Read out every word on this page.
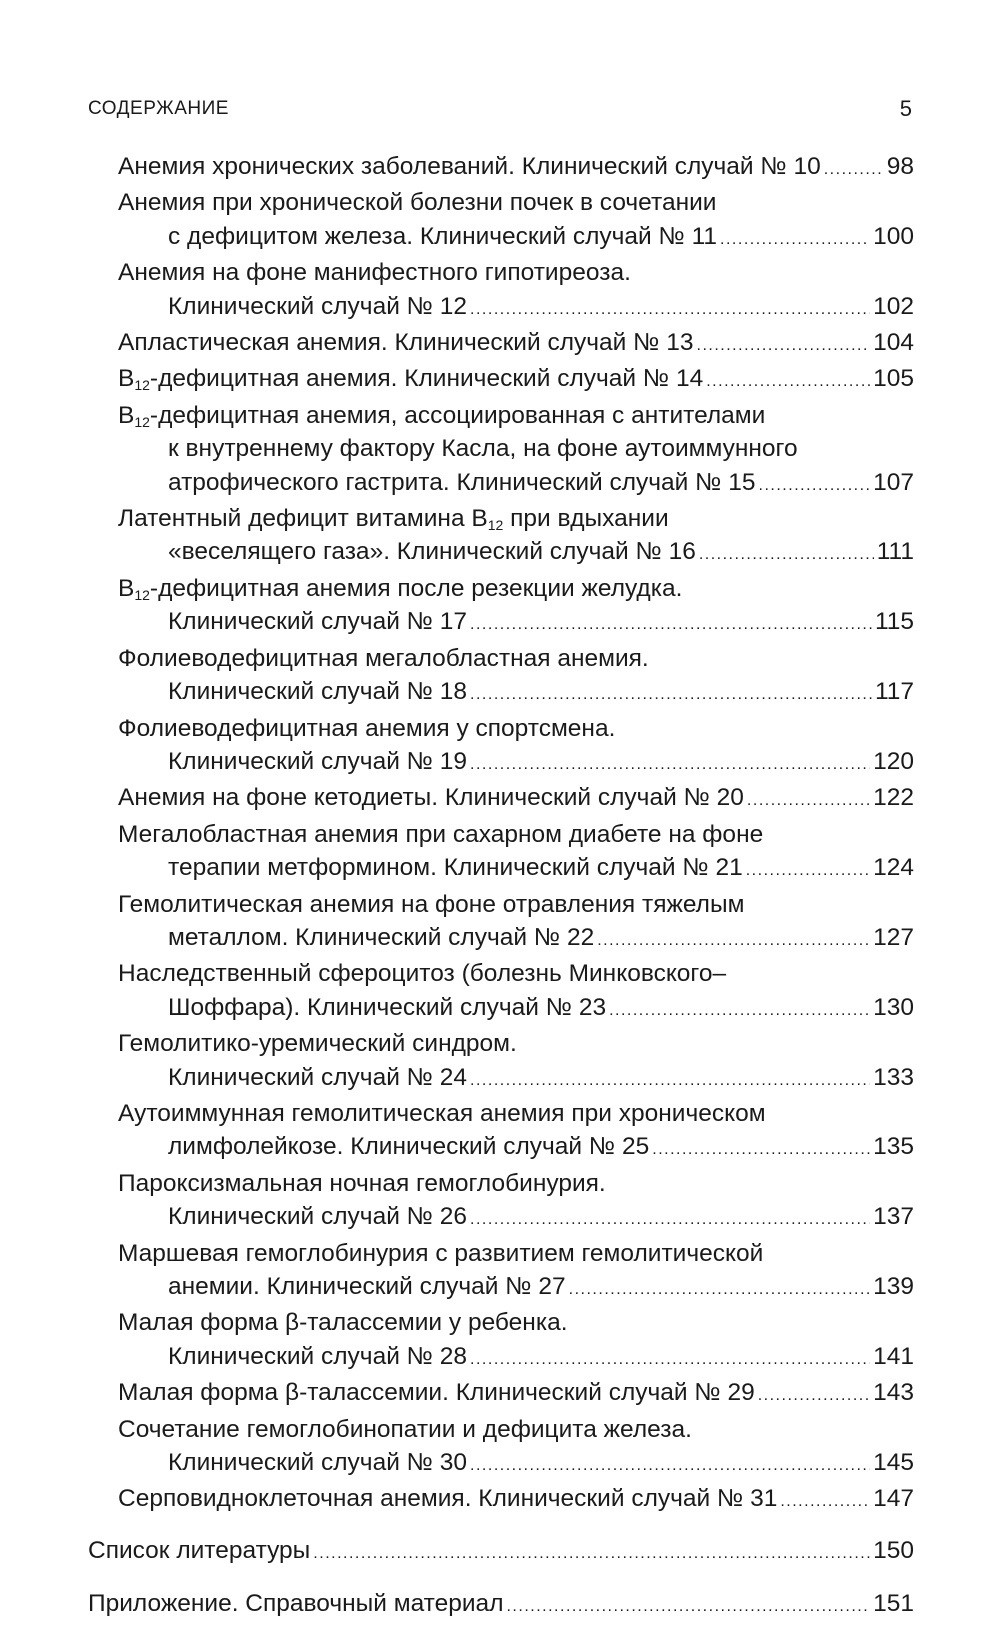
СОДЕРЖАНИЕ	5
Анемия хронических заболеваний. Клинический случай № 10 .....	98
Анемия при хронической болезни почек в сочетании
с дефицитом железа. Клинический случай № 11 .....	100
Анемия на фоне манифестного гипотиреоза.
Клинический случай № 12 .....	102
Апластическая анемия. Клинический случай № 13 .....	104
$B_{12}$-дефицитная анемия. Клинический случай № 14 .....	105
$B_{12}$-дефицитная анемия, ассоциированная с антителами
к внутреннему фактору Касла, на фоне аутоиммунного
атрофического гастрита. Клинический случай № 15 .....	107
Латентный дефицит витамина $B_{12}$ при вдыхании
«веселящего газа». Клинический случай № 16 .....	111
$B_{12}$-дефицитная анемия после резекции желудка.
Клинический случай № 17 .....	115
Фолиеводефицитная мегалобластная анемия.
Клинический случай № 18 .....	117
Фолиеводефицитная анемия у спортсмена.
Клинический случай № 19 .....	120
Анемия на фоне кетодиеты. Клинический случай № 20 .....	122
Мегалобластная анемия при сахарном диабете на фоне
терапии метформином. Клинический случай № 21 .....	124
Гемолитическая анемия на фоне отравления тяжелым
металлом. Клинический случай № 22 .....	127
Наследственный сфероцитоз (болезнь Минковского–
Шоффара). Клинический случай № 23 .....	130
Гемолитико-уремический синдром.
Клинический случай № 24 .....	133
Аутоиммунная гемолитическая анемия при хроническом
лимфолейкозе. Клинический случай № 25 .....	135
Пароксизмальная ночная гемоглобинурия.
Клинический случай № 26 .....	137
Маршевая гемоглобинурия с развитием гемолитической
анемии. Клинический случай № 27 .....	139
Малая форма β-талассемии у ребенка.
Клинический случай № 28 .....	141
Малая форма β-талассемии. Клинический случай № 29 .....	143
Сочетание гемоглобинопатии и дефицита железа.
Клинический случай № 30 .....	145
Серповидноклеточная анемия. Клинический случай № 31 .....	147
Список литературы .....	150
Приложение. Справочный материал .....	151
